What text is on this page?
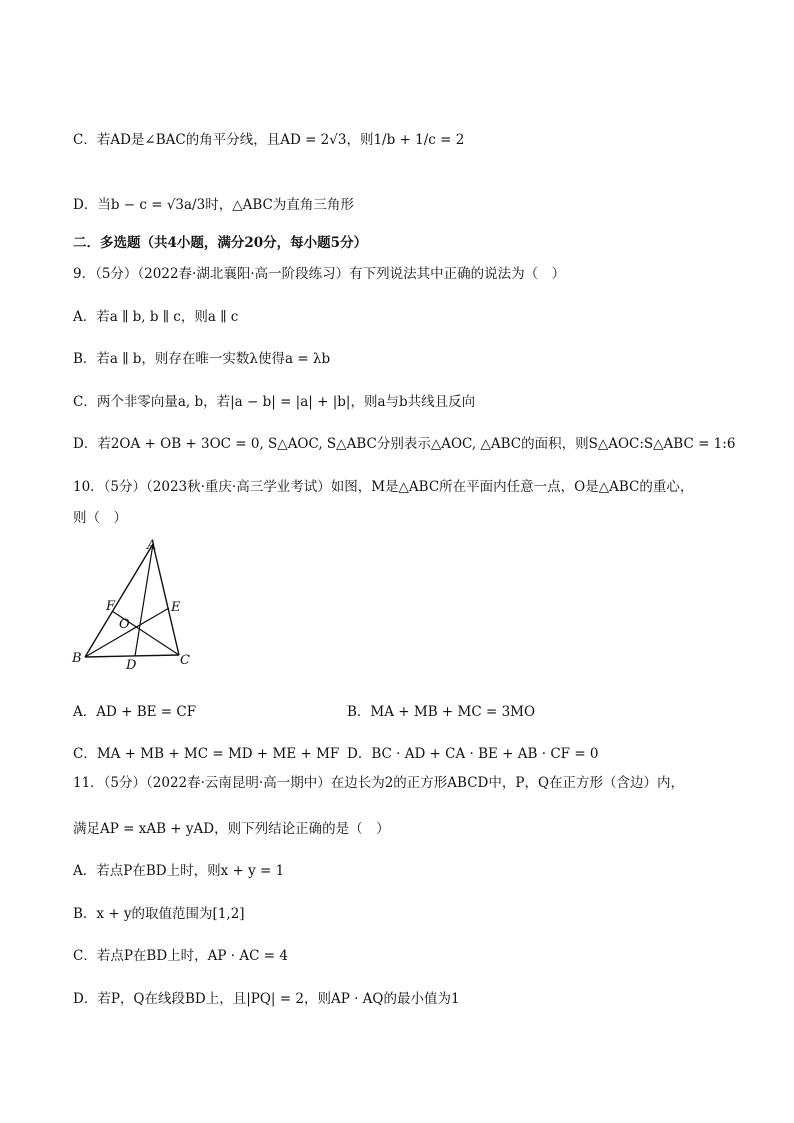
C．若AD是∠BAC的角平分线，且AD = 2√3，则1/b + 1/c = 2
D．当b − c = √3a/3时，△ABC为直角三角形
二．多选题（共4小题，满分20分，每小题5分）
9．（5分）（2022春·湖北襄阳·高一阶段练习）有下列说法其中正确的说法为（　）
A．若a ∥ b, b ∥ c，则a ∥ c
B．若a ∥ b，则存在唯一实数λ使得a = λb
C．两个非零向量a, b，若|a − b| = |a| + |b|，则a与b共线且反向
D．若2OA + OB + 3OC = 0, S△AOC, S△ABC分别表示△AOC, △ABC的面积，则S△AOC:S△ABC = 1:6
10．（5分）（2023秋·重庆·高三学业考试）如图，M是△ABC所在平面内任意一点，O是△ABC的重心，
则（　）
A
B	C
D
E
F
O
A．AD + BE = CF	B．MA + MB + MC = 3MO
C．MA + MB + MC = MD + ME + MF D．BC · AD + CA · BE + AB · CF = 0
11．（5分）（2022春·云南昆明·高一期中）在边长为2的正方形ABCD中，P，Q在正方形（含边）内，
满足AP = xAB + yAD，则下列结论正确的是（　）
A．若点P在BD上时，则x + y = 1
B．x + y的取值范围为[1,2]
C．若点P在BD上时，AP · AC = 4
D．若P，Q在线段BD上，且|PQ| = 2，则AP · AQ的最小值为1
